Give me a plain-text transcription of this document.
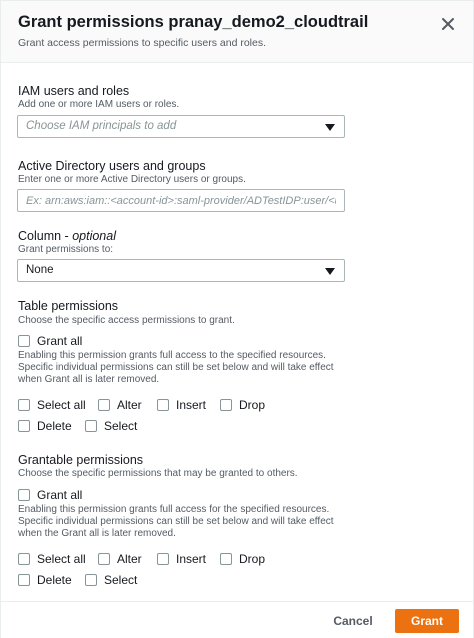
Grant permissions pranay_demo2_cloudtrail
Grant access permissions to specific users and roles.
IAM users and roles
Add one or more IAM users or roles.
Choose IAM principals to add
Active Directory users and groups
Enter one or more Active Directory users or groups.
Ex: arn:aws:iam::<account-id>:saml-provider/ADTestIDP:user/<user>
Column - optional
Grant permissions to:
None
Table permissions
Choose the specific access permissions to grant.
Grant all
Enabling this permission grants full access to the specified resources. Specific individual permissions can still be set below and will take effect when Grant all is later removed.
Select all	Alter	Insert	Drop
Delete	Select
Grantable permissions
Choose the specific permissions that may be granted to others.
Grant all
Enabling this permission grants full access for the specified resources. Specific individual permissions can still be set below and will take effect when the Grant all is later removed.
Select all	Alter	Insert	Drop
Delete	Select
Cancel	Grant
